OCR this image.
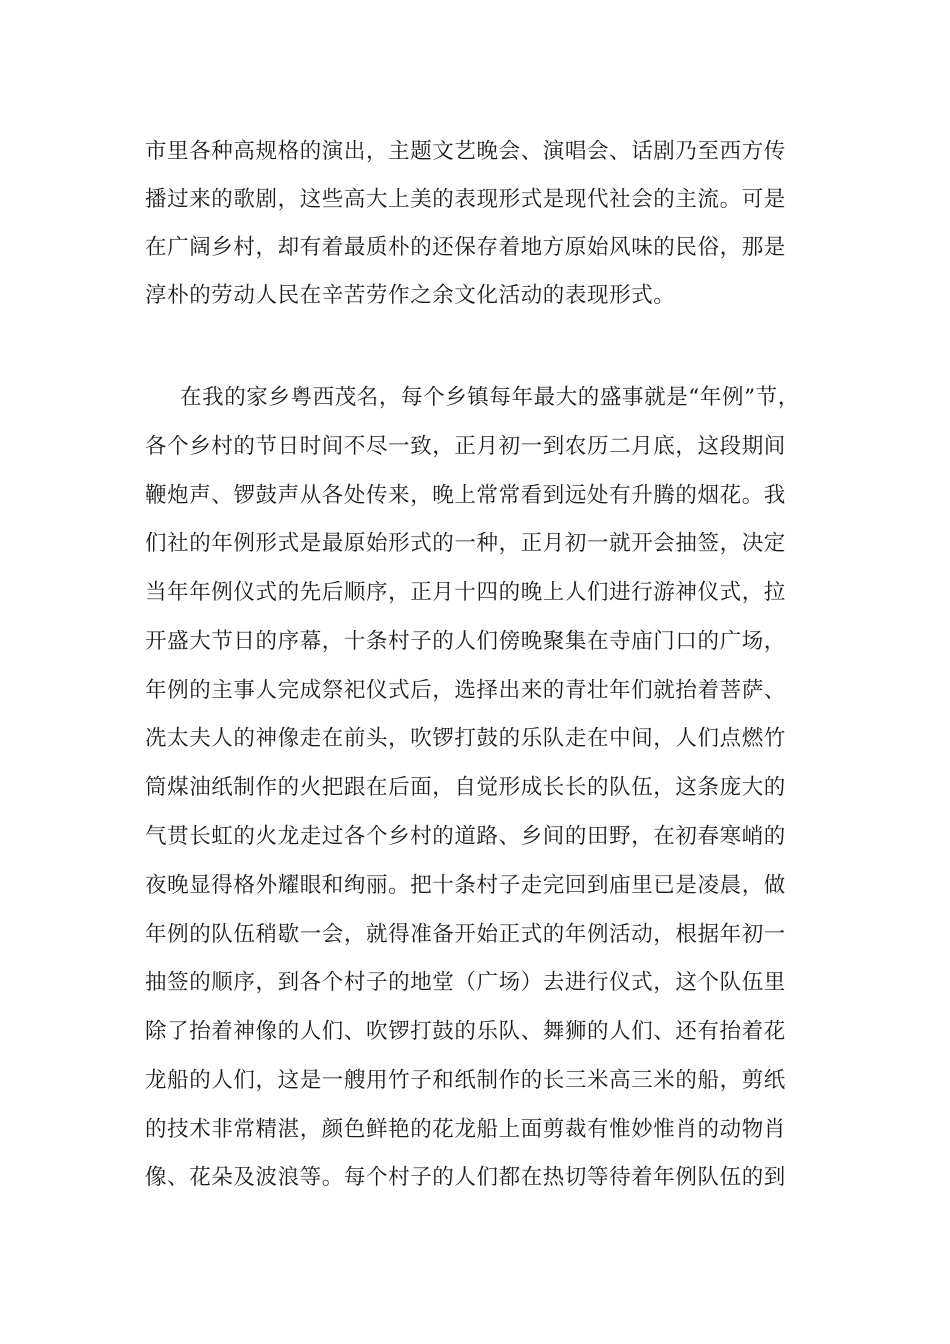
市里各种高规格的演出，主题文艺晚会、演唱会、话剧乃至西方传
播过来的歌剧，这些高大上美的表现形式是现代社会的主流。可是
在广阔乡村，却有着最质朴的还保存着地方原始风味的民俗，那是
淳朴的劳动人民在辛苦劳作之余文化活动的表现形式。
在我的家乡粤西茂名，每个乡镇每年最大的盛事就是“年例”节，
各个乡村的节日时间不尽一致，正月初一到农历二月底，这段期间
鞭炮声、锣鼓声从各处传来，晚上常常看到远处有升腾的烟花。我
们社的年例形式是最原始形式的一种，正月初一就开会抽签，决定
当年年例仪式的先后顺序，正月十四的晚上人们进行游神仪式，拉
开盛大节日的序幕，十条村子的人们傍晚聚集在寺庙门口的广场，
年例的主事人完成祭祀仪式后，选择出来的青壮年们就抬着菩萨、
冼太夫人的神像走在前头，吹锣打鼓的乐队走在中间，人们点燃竹
筒煤油纸制作的火把跟在后面，自觉形成长长的队伍，这条庞大的
气贯长虹的火龙走过各个乡村的道路、乡间的田野，在初春寒峭的
夜晚显得格外耀眼和绚丽。把十条村子走完回到庙里已是凌晨，做
年例的队伍稍歇一会，就得准备开始正式的年例活动，根据年初一
抽签的顺序，到各个村子的地堂（广场）去进行仪式，这个队伍里
除了抬着神像的人们、吹锣打鼓的乐队、舞狮的人们、还有抬着花
龙船的人们，这是一艘用竹子和纸制作的长三米高三米的船，剪纸
的技术非常精湛，颜色鲜艳的花龙船上面剪裁有惟妙惟肖的动物肖
像、花朵及波浪等。每个村子的人们都在热切等待着年例队伍的到
